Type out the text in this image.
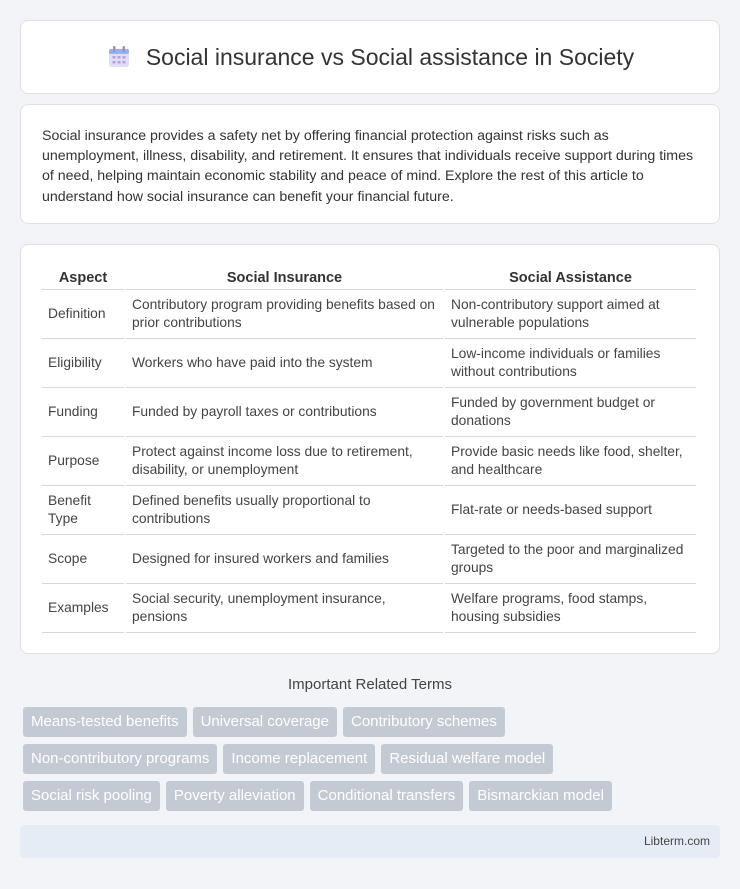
Social insurance vs Social assistance in Society

Social insurance provides a safety net by offering financial protection against risks such as unemployment, illness, disability, and retirement. It ensures that individuals receive support during times of need, helping maintain economic stability and peace of mind. Explore the rest of this article to understand how social insurance can benefit your financial future.

Aspect	Social Insurance	Social Assistance
Definition	Contributory program providing benefits based on prior contributions	Non-contributory support aimed at vulnerable populations
Eligibility	Workers who have paid into the system	Low-income individuals or families without contributions
Funding	Funded by payroll taxes or contributions	Funded by government budget or donations
Purpose	Protect against income loss due to retirement, disability, or unemployment	Provide basic needs like food, shelter, and healthcare
Benefit Type	Defined benefits usually proportional to contributions	Flat-rate or needs-based support
Scope	Designed for insured workers and families	Targeted to the poor and marginalized groups
Examples	Social security, unemployment insurance, pensions	Welfare programs, food stamps, housing subsidies
Important Related Terms
Means-tested benefits	Universal coverage	Contributory schemes
Non-contributory programs	Income replacement	Residual welfare model
Social risk pooling	Poverty alleviation	Conditional transfers	Bismarckian model
Libterm.com
